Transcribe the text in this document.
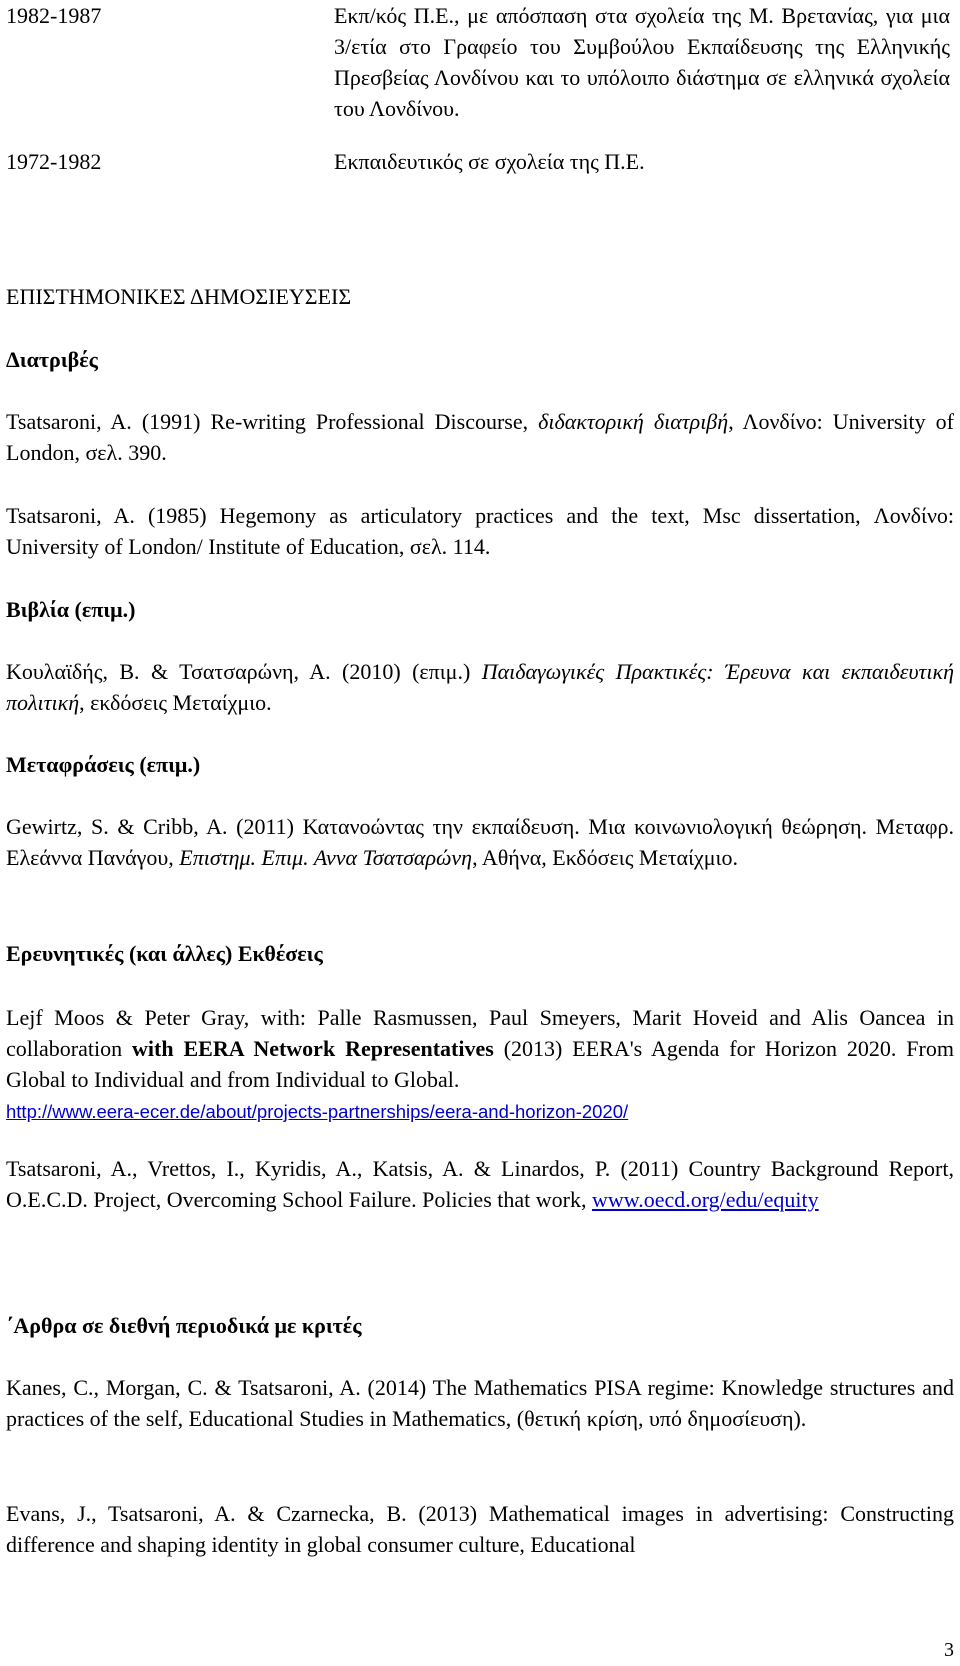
1982-1987	Εκπ/κός Π.Ε., με απόσπαση στα σχολεία της Μ. Βρετανίας, για μια 3/ετία στο Γραφείο του Συμβούλου Εκπαίδευσης της Ελληνικής Πρεσβείας Λονδίνου και το υπόλοιπο διάστημα σε ελληνικά σχολεία του Λονδίνου.
1972-1982	Εκπαιδευτικός σε σχολεία της Π.Ε.
ΕΠΙΣΤΗΜΟΝΙΚΕΣ ΔΗΜΟΣΙΕΥΣΕΙΣ
Διατριβές
Tsatsaroni, A. (1991) Re-writing Professional Discourse, διδακτορική διατριβή, Λονδίνο: University of London, σελ. 390.
Tsatsaroni, A. (1985) Hegemony as articulatory practices and the text, Msc dissertation, Λονδίνο: University of London/ Institute of Education, σελ. 114.
Βιβλία (επιμ.)
Κουλαϊδής, Β. & Τσατσαρώνη, Α. (2010) (επιμ.) Παιδαγωγικές Πρακτικές: Έρευνα και εκπαιδευτική πολιτική, εκδόσεις Μεταίχμιο.
Μεταφράσεις (επιμ.)
Gewirtz, S. & Cribb, A. (2011) Κατανοώντας την εκπαίδευση. Μια κοινωνιολογική θεώρηση. Μεταφρ. Ελεάννα Πανάγου, Επιστημ. Επιμ. Αννα Τσατσαρώνη, Αθήνα, Εκδόσεις Μεταίχμιο.
Ερευνητικές (και άλλες) Εκθέσεις
Lejf Moos & Peter Gray, with: Palle Rasmussen, Paul Smeyers, Marit Hoveid and Alis Oancea in collaboration with EERA Network Representatives (2013) EERA's Agenda for Horizon 2020. From Global to Individual and from Individual to Global.
http://www.eera-ecer.de/about/projects-partnerships/eera-and-horizon-2020/
Tsatsaroni, A., Vrettos, I., Kyridis, A., Katsis, A. & Linardos, P. (2011) Country Background Report, O.E.C.D. Project, Overcoming School Failure. Policies that work, www.oecd.org/edu/equity
΄Αρθρα σε διεθνή περιοδικά με κριτές
Kanes, C., Morgan, C. & Tsatsaroni, A. (2014) The Mathematics PISA regime: Knowledge structures and practices of the self, Educational Studies in Mathematics, (θετική κρίση, υπό δημοσίευση).
Evans, J., Tsatsaroni, A. & Czarnecka, B. (2013) Mathematical images in advertising: Constructing difference and shaping identity in global consumer culture, Educational
3
